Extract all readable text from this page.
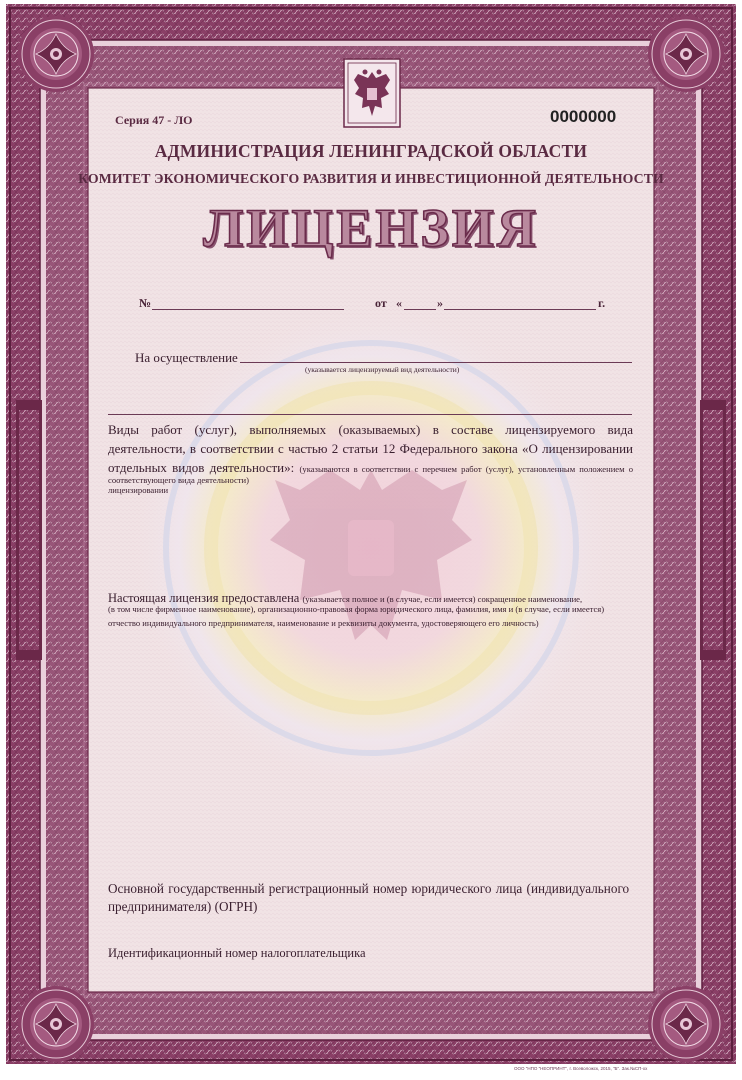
Серия 47 - ЛО	0000000
АДМИНИСТРАЦИЯ ЛЕНИНГРАДСКОЙ ОБЛАСТИ
КОМИТЕТ ЭКОНОМИЧЕСКОГО РАЗВИТИЯ И ИНВЕСТИЦИОННОЙ ДЕЯТЕЛЬНОСТИ
ЛИЦЕНЗИЯ
№	от «	»	г.
На осуществление
(указывается лицензируемый вид деятельности)
Виды работ (услуг), выполняемых (оказываемых) в составе лицензируемого вида деятельности, в соответствии с частью 2 статьи 12 Федерального закона «О лицензировании отдельных видов деятельности»: (указываются в соответствии с перечнем работ (услуг), установленным положением о лицензировании
соответствующего вида деятельности)
Настоящая лицензия предоставлена (указывается полное и (в случае, если имеется) сокращенное наименование,
(в том числе фирменное наименование), организационно-правовая форма юридического лица, фамилия, имя и (в случае, если имеется)
отчество индивидуального предпринимателя, наименование и реквизиты документа, удостоверяющего его личность)
Основной государственный регистрационный номер юридического лица (индивидуального
предпринимателя) (ОГРН)
Идентификационный номер налогоплательщика
ООО "НПО "НЕОПРИНТ", г. Всеволожск, 2015, "Б". Зак.№СП-хх
